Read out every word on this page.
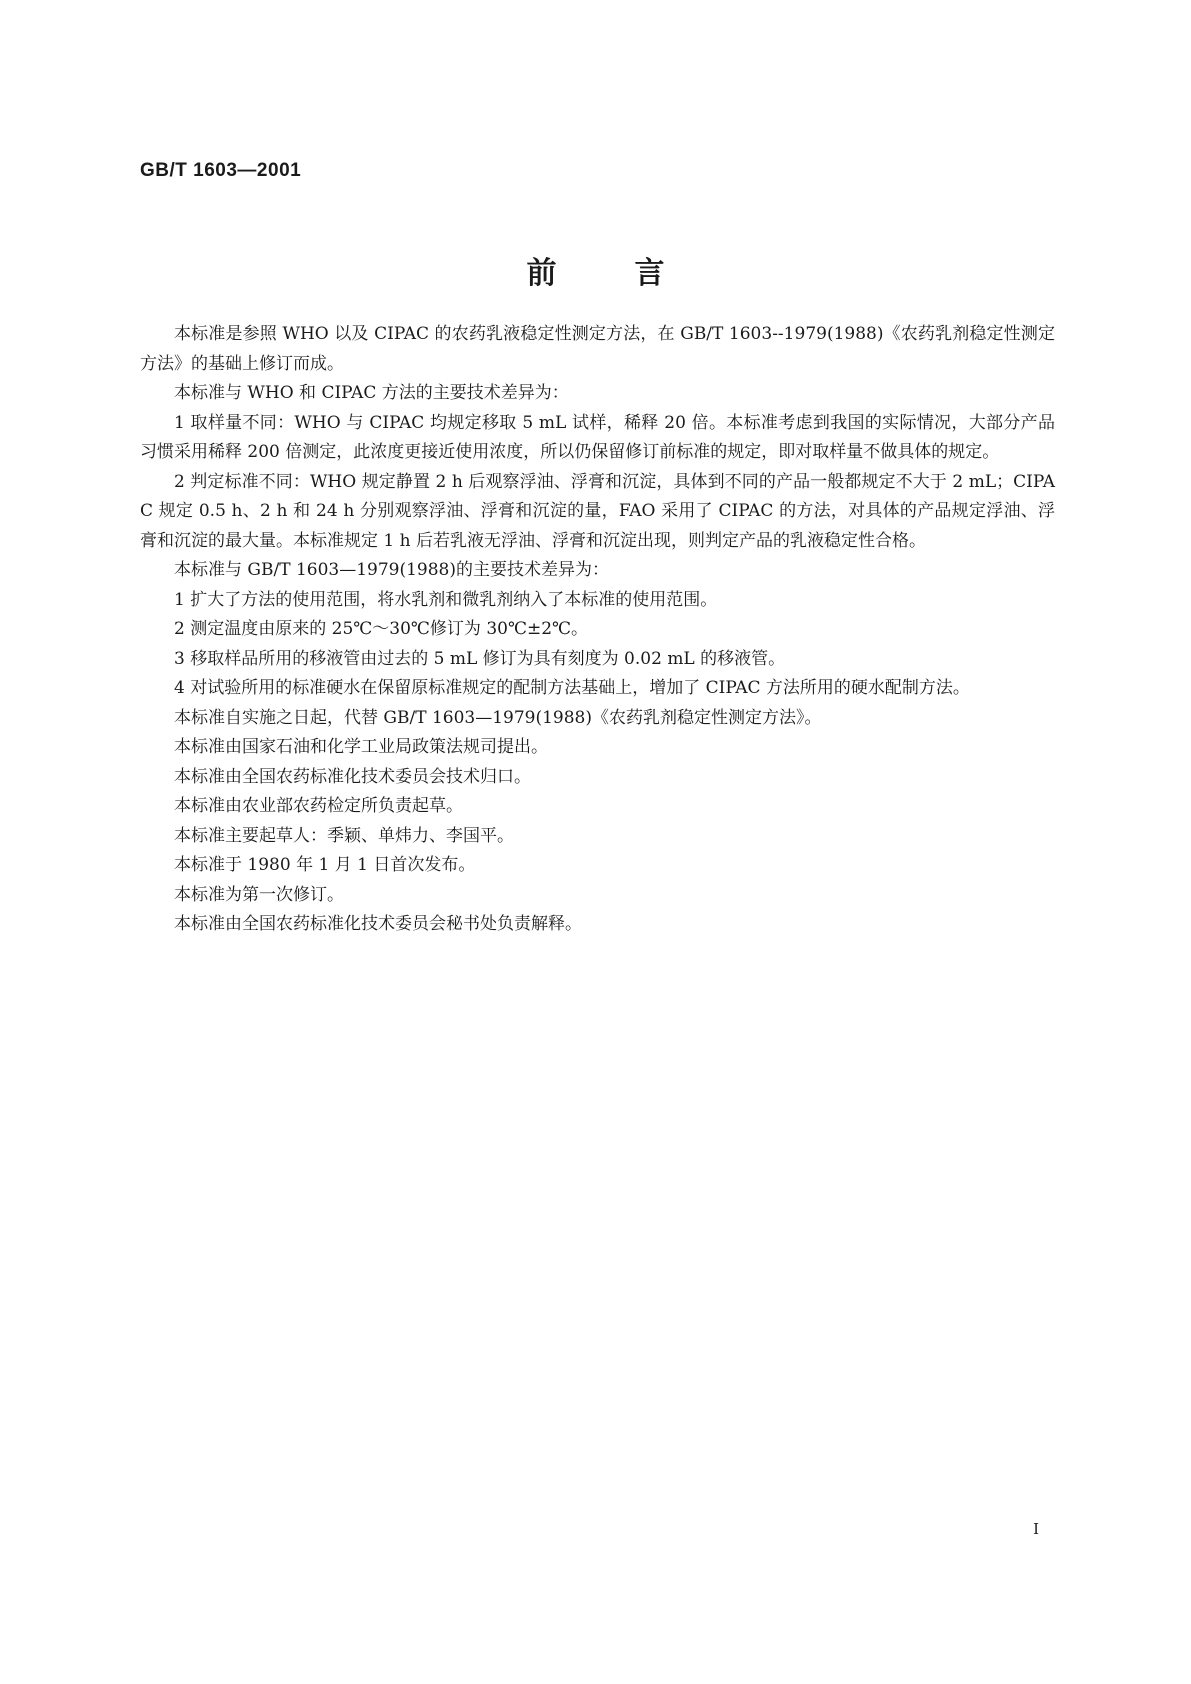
GB/T 1603—2001
前言

本标准是参照 WHO 以及 CIPAC 的农药乳液稳定性测定方法，在 GB/T 1603--1979(1988)《农药乳剂稳定性测定方法》的基础上修订而成。

本标准与 WHO 和 CIPAC 方法的主要技术差异为：

1 取样量不同：WHO 与 CIPAC 均规定移取 5 mL 试样，稀释 20 倍。本标准考虑到我国的实际情况，大部分产品习惯采用稀释 200 倍测定，此浓度更接近使用浓度，所以仍保留修订前标准的规定，即对取样量不做具体的规定。

2 判定标准不同：WHO 规定静置 2 h 后观察浮油、浮膏和沉淀，具体到不同的产品一般都规定不大于 2 mL；CIPAC 规定 0.5 h、2 h 和 24 h 分别观察浮油、浮膏和沉淀的量，FAO 采用了 CIPAC 的方法，对具体的产品规定浮油、浮膏和沉淀的最大量。本标准规定 1 h 后若乳液无浮油、浮膏和沉淀出现，则判定产品的乳液稳定性合格。

本标准与 GB/T 1603—1979(1988)的主要技术差异为：

1 扩大了方法的使用范围，将水乳剂和微乳剂纳入了本标准的使用范围。

2 测定温度由原来的 25℃～30℃修订为 30℃±2℃。

3 移取样品所用的移液管由过去的 5 mL 修订为具有刻度为 0.02 mL 的移液管。

4 对试验所用的标准硬水在保留原标准规定的配制方法基础上，增加了 CIPAC 方法所用的硬水配制方法。

本标准自实施之日起，代替 GB/T 1603—1979(1988)《农药乳剂稳定性测定方法》。

本标准由国家石油和化学工业局政策法规司提出。

本标准由全国农药标准化技术委员会技术归口。

本标准由农业部农药检定所负责起草。

本标准主要起草人：季颖、单炜力、李国平。

本标准于 1980 年 1 月 1 日首次发布。

本标准为第一次修订。

本标准由全国农药标准化技术委员会秘书处负责解释。

I
